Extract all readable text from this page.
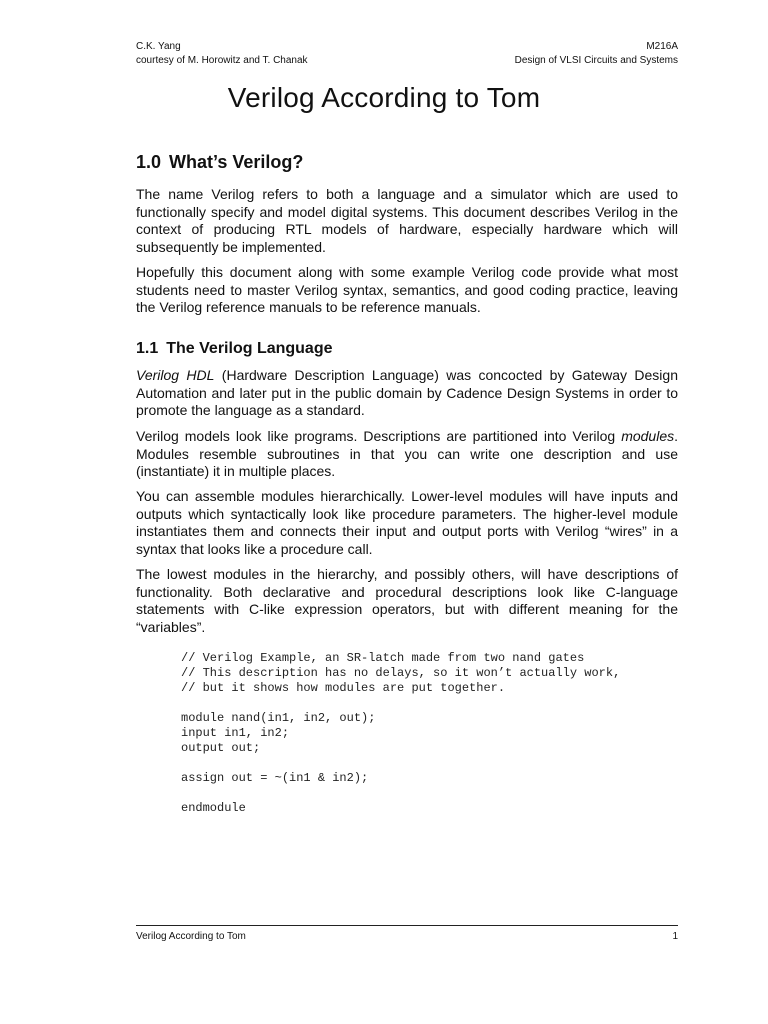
C.K. Yang
courtesy of M. Horowitz and T. Chanak
M216A
Design of VLSI Circuits and Systems
Verilog According to Tom
1.0 What’s Verilog?

The name Verilog refers to both a language and a simulator which are used to functionally specify and model digital systems. This document describes Verilog in the context of producing RTL models of hardware, especially hardware which will subsequently be implemented.

Hopefully this document along with some example Verilog code provide what most students need to master Verilog syntax, semantics, and good coding practice, leaving the Verilog reference manuals to be reference manuals.

1.1 The Verilog Language

Verilog HDL (Hardware Description Language) was concocted by Gateway Design Automation and later put in the public domain by Cadence Design Systems in order to promote the language as a standard.

Verilog models look like programs. Descriptions are partitioned into Verilog modules. Modules resemble subroutines in that you can write one description and use (instantiate) it in multiple places.

You can assemble modules hierarchically. Lower-level modules will have inputs and outputs which syntactically look like procedure parameters. The higher-level module instantiates them and connects their input and output ports with Verilog “wires” in a syntax that looks like a procedure call.

The lowest modules in the hierarchy, and possibly others, will have descriptions of functionality. Both declarative and procedural descriptions look like C-language statements with C-like expression operators, but with different meaning for the “variables”.

// Verilog Example, an SR-latch made from two nand gates
// This description has no delays, so it won’t actually work,
// but it shows how modules are put together.
module nand(in1, in2, out);
input in1, in2;
output out;
assign out = ~(in1 & in2);
endmodule
Verilog According to Tom	1
